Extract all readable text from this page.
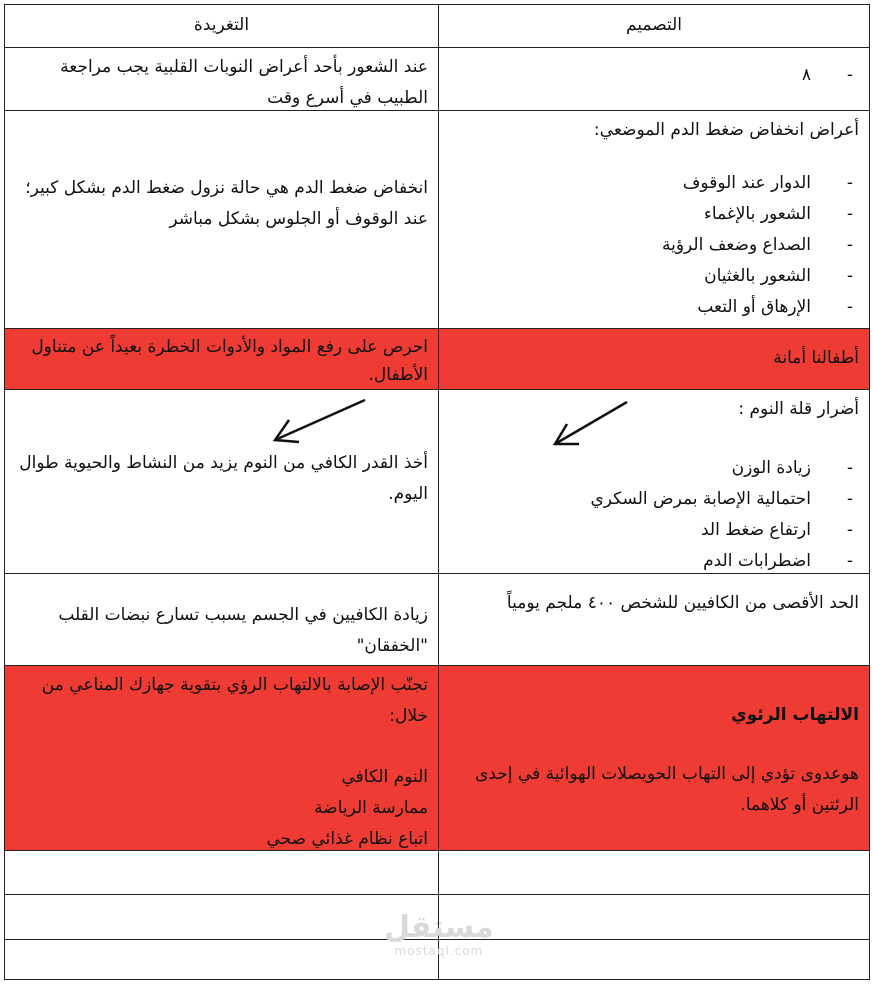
التغريدة	التصميم
عند الشعور بأحد أعراض النوبات القلبية يجب مراجعة الطبيب في أسرع وقت
- ٨
انخفاض ضغط الدم هي حالة نزول ضغط الدم بشكل كبير؛ عند الوقوف أو الجلوس بشكل مباشر
أعراض انخفاض ضغط الدم الموضعي:
- الدوار عند الوقوف
- الشعور بالإغماء
- الصداع وضعف الرؤية
- الشعور بالغثيان
- الإرهاق أو التعب
احرص على رفع المواد والأدوات الخطرة بعيداً عن متناول الأطفال.
أطفالنا أمانة
أخذ القدر الكافي من النوم يزيد من النشاط والحيوية طوال اليوم.
أضرار قلة النوم :
- زيادة الوزن
- احتمالية الإصابة بمرض السكري
- ارتفاع ضغط الد
- اضطرابات الدم
زيادة الكافيين في الجسم يسبب تسارع نبضات القلب "الخفقان"
الحد الأقصى من الكافيين للشخص ٤٠٠ ملجم يومياً
تجنّب الإصابة بالالتهاب الرؤي بتقوية جهازك المناعي من خلال:
النوم الكافي
ممارسة الرياضة
اتباع نظام غذائي صحي
الالتهاب الرئوي
هوعدوى تؤدي إلى التهاب الحويصلات الهوائية في إحدى الرئتين أو كلاهما.
مستقل
mostaql.com
